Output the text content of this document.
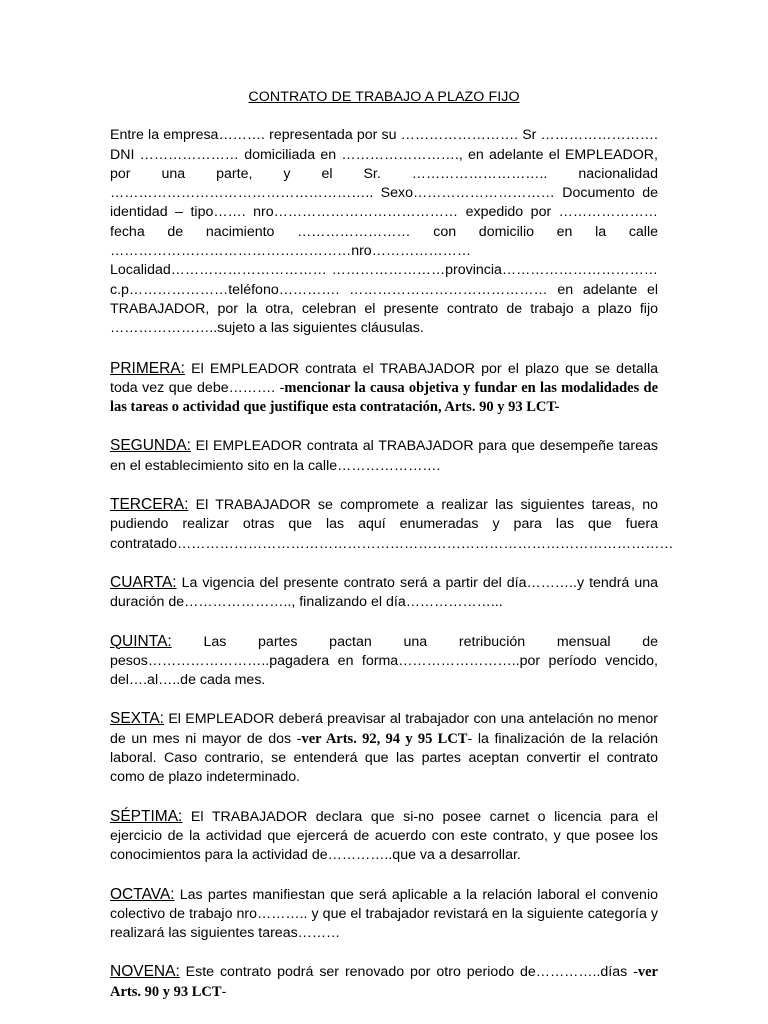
CONTRATO DE TRABAJO A PLAZO FIJO
Entre la empresa………. representada por su ……………………. Sr ……………………. DNI ………………… domiciliada en ……………………., en adelante el EMPLEADOR, por una parte, y el Sr. ……………………….. nacionalidad ……………………………………………….. Sexo………………………… Documento de identidad – tipo……. nro………………………………… expedido por ………………… fecha de nacimiento …………………… con domicilio en la calle ……………………………………………nro…………………Localidad…………………………… ……………………provincia……………………………c.p…………………teléfono…………. …………………………………… en adelante el TRABAJADOR, por la otra, celebran el presente contrato de trabajo a plazo fijo …………………..sujeto a las siguientes cláusulas.
PRIMERA: El EMPLEADOR contrata el TRABAJADOR por el plazo que se detalla toda vez que debe………. -mencionar la causa objetiva y fundar en las modalidades de las tareas o actividad que justifique esta contratación, Arts. 90 y 93 LCT-
SEGUNDA: El EMPLEADOR contrata al TRABAJADOR para que desempeñe tareas en el establecimiento sito en la calle………………….
TERCERA: El TRABAJADOR se compromete a realizar las siguientes tareas, no pudiendo realizar otras que las aquí enumeradas y para las que fuera contratado……………………………………………………………………………………………
CUARTA: La vigencia del presente contrato será a partir del día………..y tendrá una duración de………………….., finalizando el día………………...
QUINTA: Las partes pactan una retribución mensual de pesos……………………..pagadera en forma……………………..por período vencido, del….al…..de cada mes.
SEXTA: El EMPLEADOR deberá preavisar al trabajador con una antelación no menor de un mes ni mayor de dos -ver Arts. 92, 94 y 95 LCT- la finalización de la relación laboral. Caso contrario, se entenderá que las partes aceptan convertir el contrato como de plazo indeterminado.
SÉPTIMA: El TRABAJADOR declara que si-no posee carnet o licencia para el ejercicio de la actividad que ejercerá de acuerdo con este contrato, y que posee los conocimientos para la actividad de…………..que va a desarrollar.
OCTAVA: Las partes manifiestan que será aplicable a la relación laboral el convenio colectivo de trabajo nro……….. y que el trabajador revistará en la siguiente categoría y realizará las siguientes tareas………
NOVENA: Este contrato podrá ser renovado por otro periodo de…………..días -ver Arts. 90 y 93 LCT-
